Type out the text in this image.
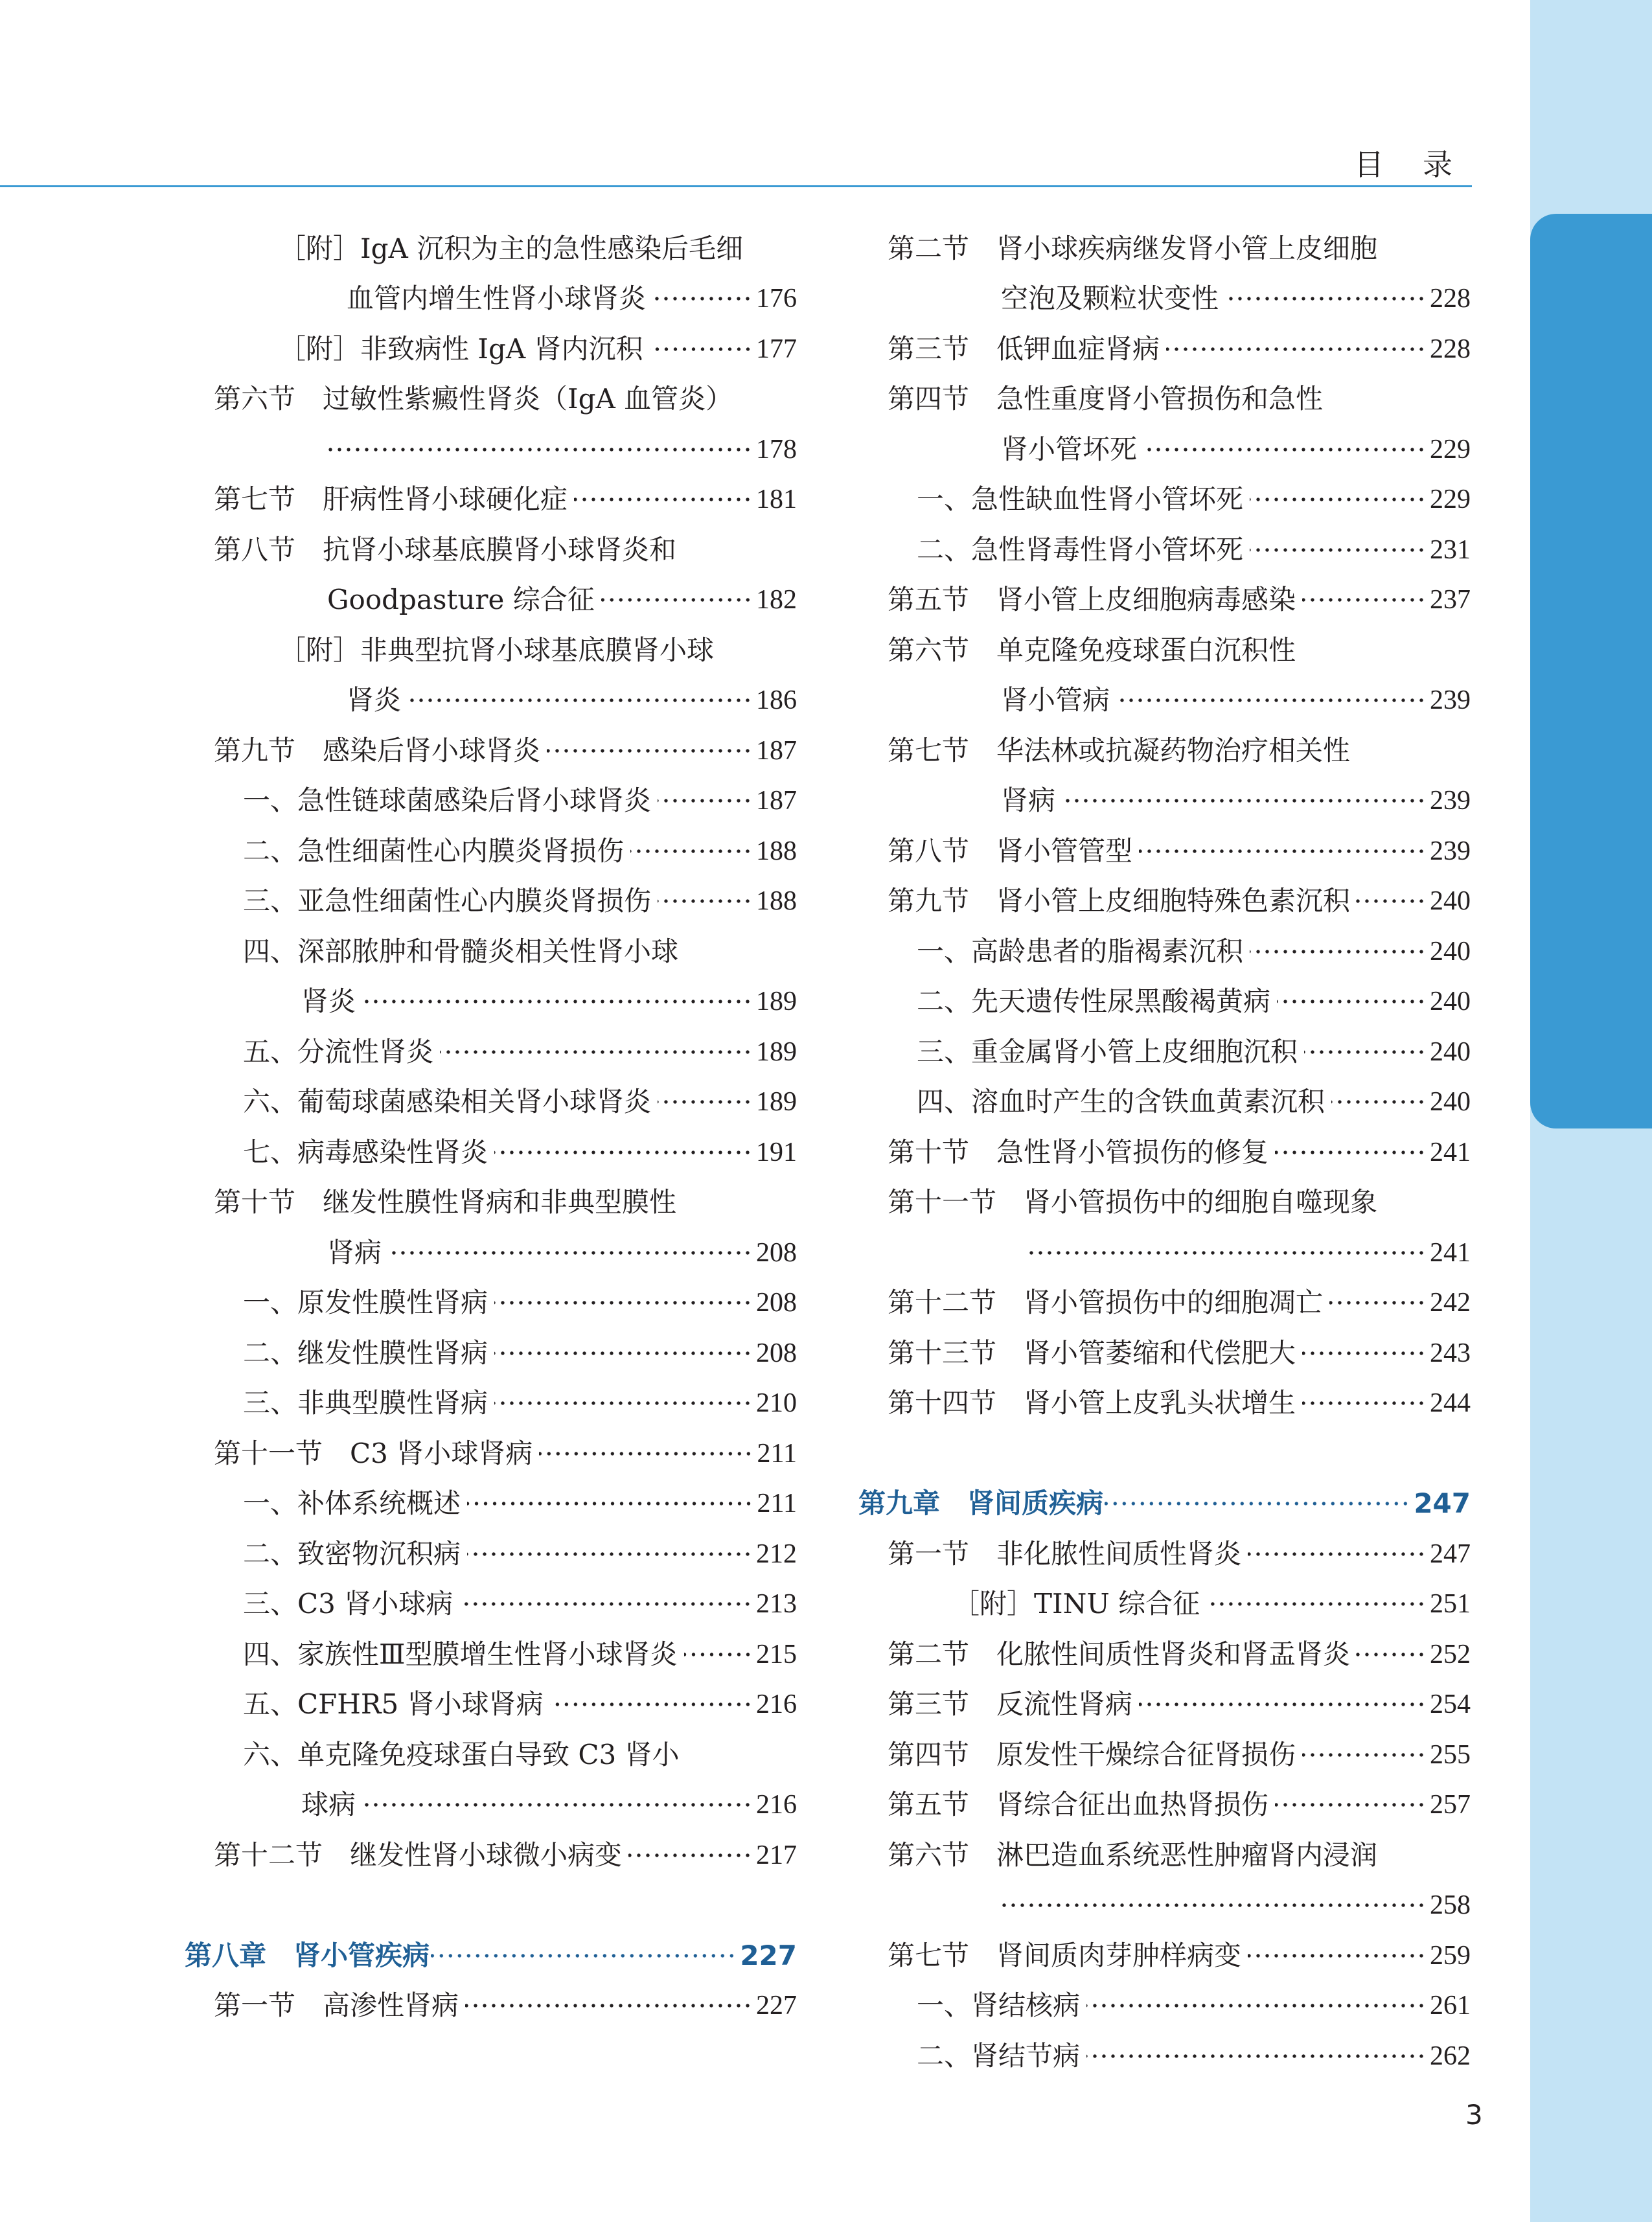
目录
［附］IgA 沉积为主的急性感染后毛细
血管内增生性肾小球肾炎	176
［附］非致病性 IgA 肾内沉积	177
第六节　过敏性紫癜性肾炎（IgA 血管炎）
178
第七节　肝病性肾小球硬化症	181
第八节　抗肾小球基底膜肾小球肾炎和
Goodpasture 综合征	182
［附］非典型抗肾小球基底膜肾小球
肾炎	186
第九节　感染后肾小球肾炎	187
一、急性链球菌感染后肾小球肾炎	187
二、急性细菌性心内膜炎肾损伤	188
三、亚急性细菌性心内膜炎肾损伤	188
四、深部脓肿和骨髓炎相关性肾小球
肾炎	189
五、分流性肾炎	189
六、葡萄球菌感染相关肾小球肾炎	189
七、病毒感染性肾炎	191
第十节　继发性膜性肾病和非典型膜性
肾病	208
一、原发性膜性肾病	208
二、继发性膜性肾病	208
三、非典型膜性肾病	210
第十一节　C3 肾小球肾病	211
一、补体系统概述	211
二、致密物沉积病	212
三、C3 肾小球病	213
四、家族性Ⅲ型膜增生性肾小球肾炎	215
五、CFHR5 肾小球肾病	216
六、单克隆免疫球蛋白导致 C3 肾小
球病	216
第十二节　继发性肾小球微小病变	217
第八章　肾小管疾病	227
第一节　高渗性肾病	227
第二节　肾小球疾病继发肾小管上皮细胞
空泡及颗粒状变性	228
第三节　低钾血症肾病	228
第四节　急性重度肾小管损伤和急性
肾小管坏死	229
一、急性缺血性肾小管坏死	229
二、急性肾毒性肾小管坏死	231
第五节　肾小管上皮细胞病毒感染	237
第六节　单克隆免疫球蛋白沉积性
肾小管病	239
第七节　华法林或抗凝药物治疗相关性
肾病	239
第八节　肾小管管型	239
第九节　肾小管上皮细胞特殊色素沉积	240
一、高龄患者的脂褐素沉积	240
二、先天遗传性尿黑酸褐黄病	240
三、重金属肾小管上皮细胞沉积	240
四、溶血时产生的含铁血黄素沉积	240
第十节　急性肾小管损伤的修复	241
第十一节　肾小管损伤中的细胞自噬现象
241
第十二节　肾小管损伤中的细胞凋亡	242
第十三节　肾小管萎缩和代偿肥大	243
第十四节　肾小管上皮乳头状增生	244
第九章　肾间质疾病	247
第一节　非化脓性间质性肾炎	247
［附］TINU 综合征	251
第二节　化脓性间质性肾炎和肾盂肾炎	252
第三节　反流性肾病	254
第四节　原发性干燥综合征肾损伤	255
第五节　肾综合征出血热肾损伤	257
第六节　淋巴造血系统恶性肿瘤肾内浸润
258
第七节　肾间质肉芽肿样病变	259
一、肾结核病	261
二、肾结节病	262
3
